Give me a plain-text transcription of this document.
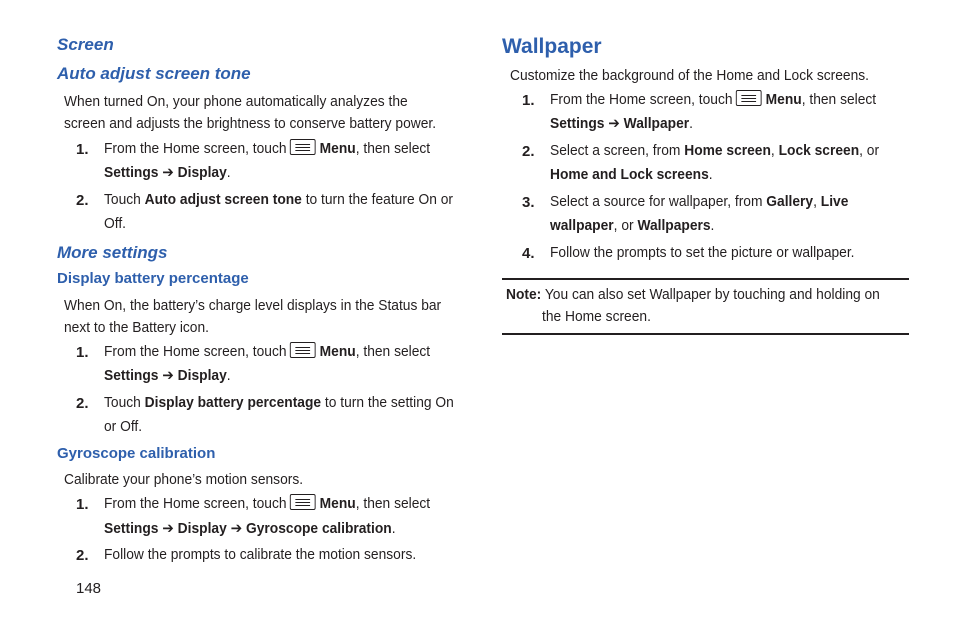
Screen
Auto adjust screen tone
When turned On, your phone automatically analyzes the
screen and adjusts the brightness to conserve battery power.
1. From the Home screen, touch Menu, then select
Settings ➔ Display.
2. Touch Auto adjust screen tone to turn the feature On or
Off.
More settings
Display battery percentage
When On, the battery’s charge level displays in the Status bar
next to the Battery icon.
1. From the Home screen, touch Menu, then select
Settings ➔ Display.
2. Touch Display battery percentage to turn the setting On
or Off.
Gyroscope calibration
Calibrate your phone’s motion sensors.
1. From the Home screen, touch Menu, then select
Settings ➔ Display ➔ Gyroscope calibration.
2. Follow the prompts to calibrate the motion sensors.
148
Wallpaper
Customize the background of the Home and Lock screens.
1. From the Home screen, touch Menu, then select
Settings ➔ Wallpaper.
2. Select a screen, from Home screen, Lock screen, or
Home and Lock screens.
3. Select a source for wallpaper, from Gallery, Live
wallpaper, or Wallpapers.
4. Follow the prompts to set the picture or wallpaper.
Note: You can also set Wallpaper by touching and holding on
the Home screen.
